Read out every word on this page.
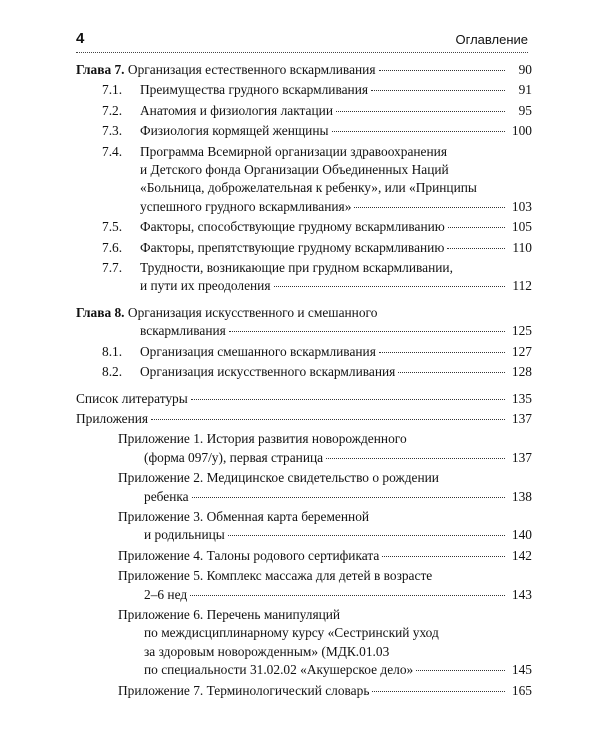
4	Оглавление
Глава 7. Организация естественного вскармливания	90
7.1. Преимущества грудного вскармливания	91
7.2. Анатомия и физиология лактации	95
7.3. Физиология кормящей женщины	100
7.4. Программа Всемирной организации здравоохранения
и Детского фонда Организации Объединенных Наций
«Больница, доброжелательная к ребенку», или «Принципы
успешного грудного вскармливания»	103
7.5. Факторы, способствующие грудному вскармливанию	105
7.6. Факторы, препятствующие грудному вскармливанию	110
7.7. Трудности, возникающие при грудном вскармливании,
и пути их преодоления	112
Глава 8. Организация искусственного и смешанного
вскармливания	125
8.1. Организация смешанного вскармливания	127
8.2. Организация искусственного вскармливания	128
Список литературы	135
Приложения	137
Приложение 1. История развития новорожденного
(форма 097/у), первая страница	137
Приложение 2. Медицинское свидетельство о рождении
ребенка	138
Приложение 3. Обменная карта беременной
и родильницы	140
Приложение 4. Талоны родового сертификата	142
Приложение 5. Комплекс массажа для детей в возрасте
2–6 нед	143
Приложение 6. Перечень манипуляций
по междисциплинарному курсу «Сестринский уход
за здоровым новорожденным» (МДК.01.03
по специальности 31.02.02 «Акушерское дело»	145
Приложение 7. Терминологический словарь	165
